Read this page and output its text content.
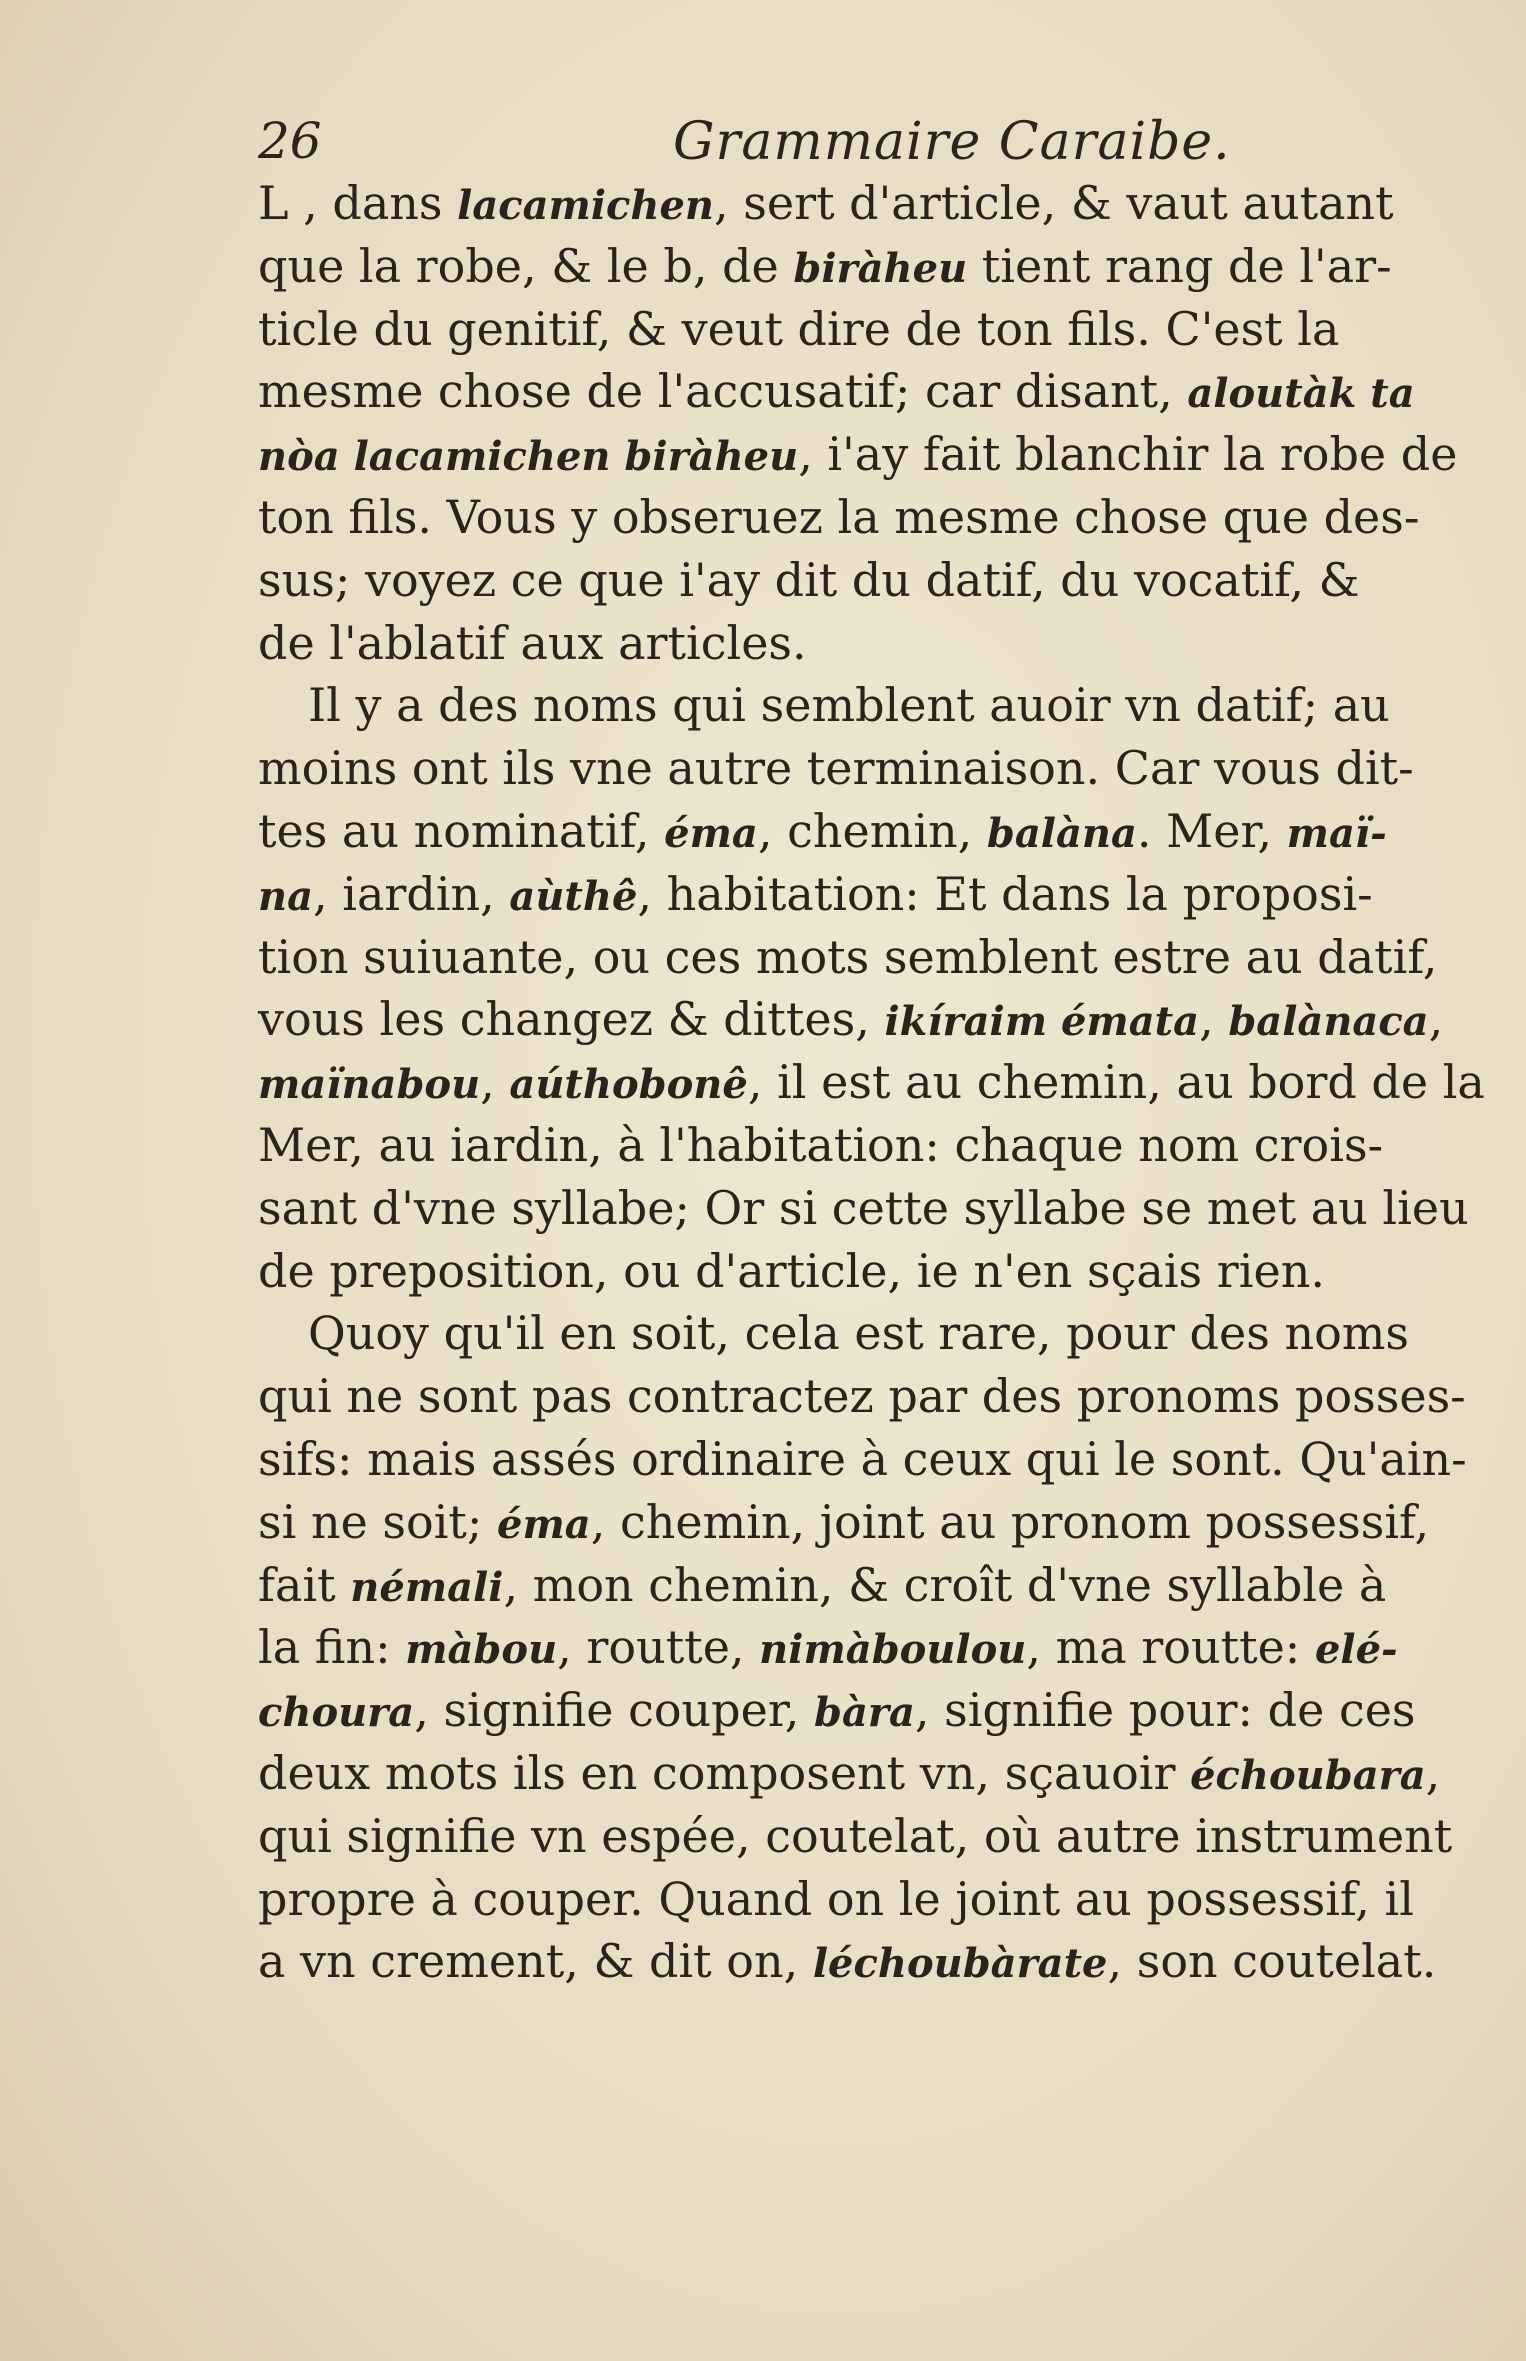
26	Grammaire Caraibe.
L , dans lacamichen, sert d'article, & vaut autant
que la robe, & le b, de biràheu tient rang de l'ar-
ticle du genitif, & veut dire de ton fils. C'est la
mesme chose de l'accusatif; car disant, aloutàk ta
nòa lacamichen biràheu, i'ay fait blanchir la robe de
ton fils. Vous y obseruez la mesme chose que des-
sus; voyez ce que i'ay dit du datif, du vocatif, &
de l'ablatif aux articles.
Il y a des noms qui semblent auoir vn datif; au
moins ont ils vne autre terminaison. Car vous dit-
tes au nominatif, éma, chemin, balàna. Mer, maï-
na, iardin, aùthê, habitation: Et dans la proposi-
tion suiuante, ou ces mots semblent estre au datif,
vous les changez & dittes, ikíraim émata, balànaca,
maïnabou, aúthobonê, il est au chemin, au bord de la
Mer, au iardin, à l'habitation: chaque nom crois-
sant d'vne syllabe; Or si cette syllabe se met au lieu
de preposition, ou d'article, ie n'en sçais rien.
Quoy qu'il en soit, cela est rare, pour des noms
qui ne sont pas contractez par des pronoms posses-
sifs: mais assés ordinaire à ceux qui le sont. Qu'ain-
si ne soit; éma, chemin, joint au pronom possessif,
fait némali, mon chemin, & croît d'vne syllable à
la fin: màbou, routte, nimàboulou, ma routte: elé-
choura, signifie couper, bàra, signifie pour: de ces
deux mots ils en composent vn, sçauoir échoubara,
qui signifie vn espée, coutelat, où autre instrument
propre à couper. Quand on le joint au possessif, il
a vn crement, & dit on, léchoubàrate, son coutelat.
